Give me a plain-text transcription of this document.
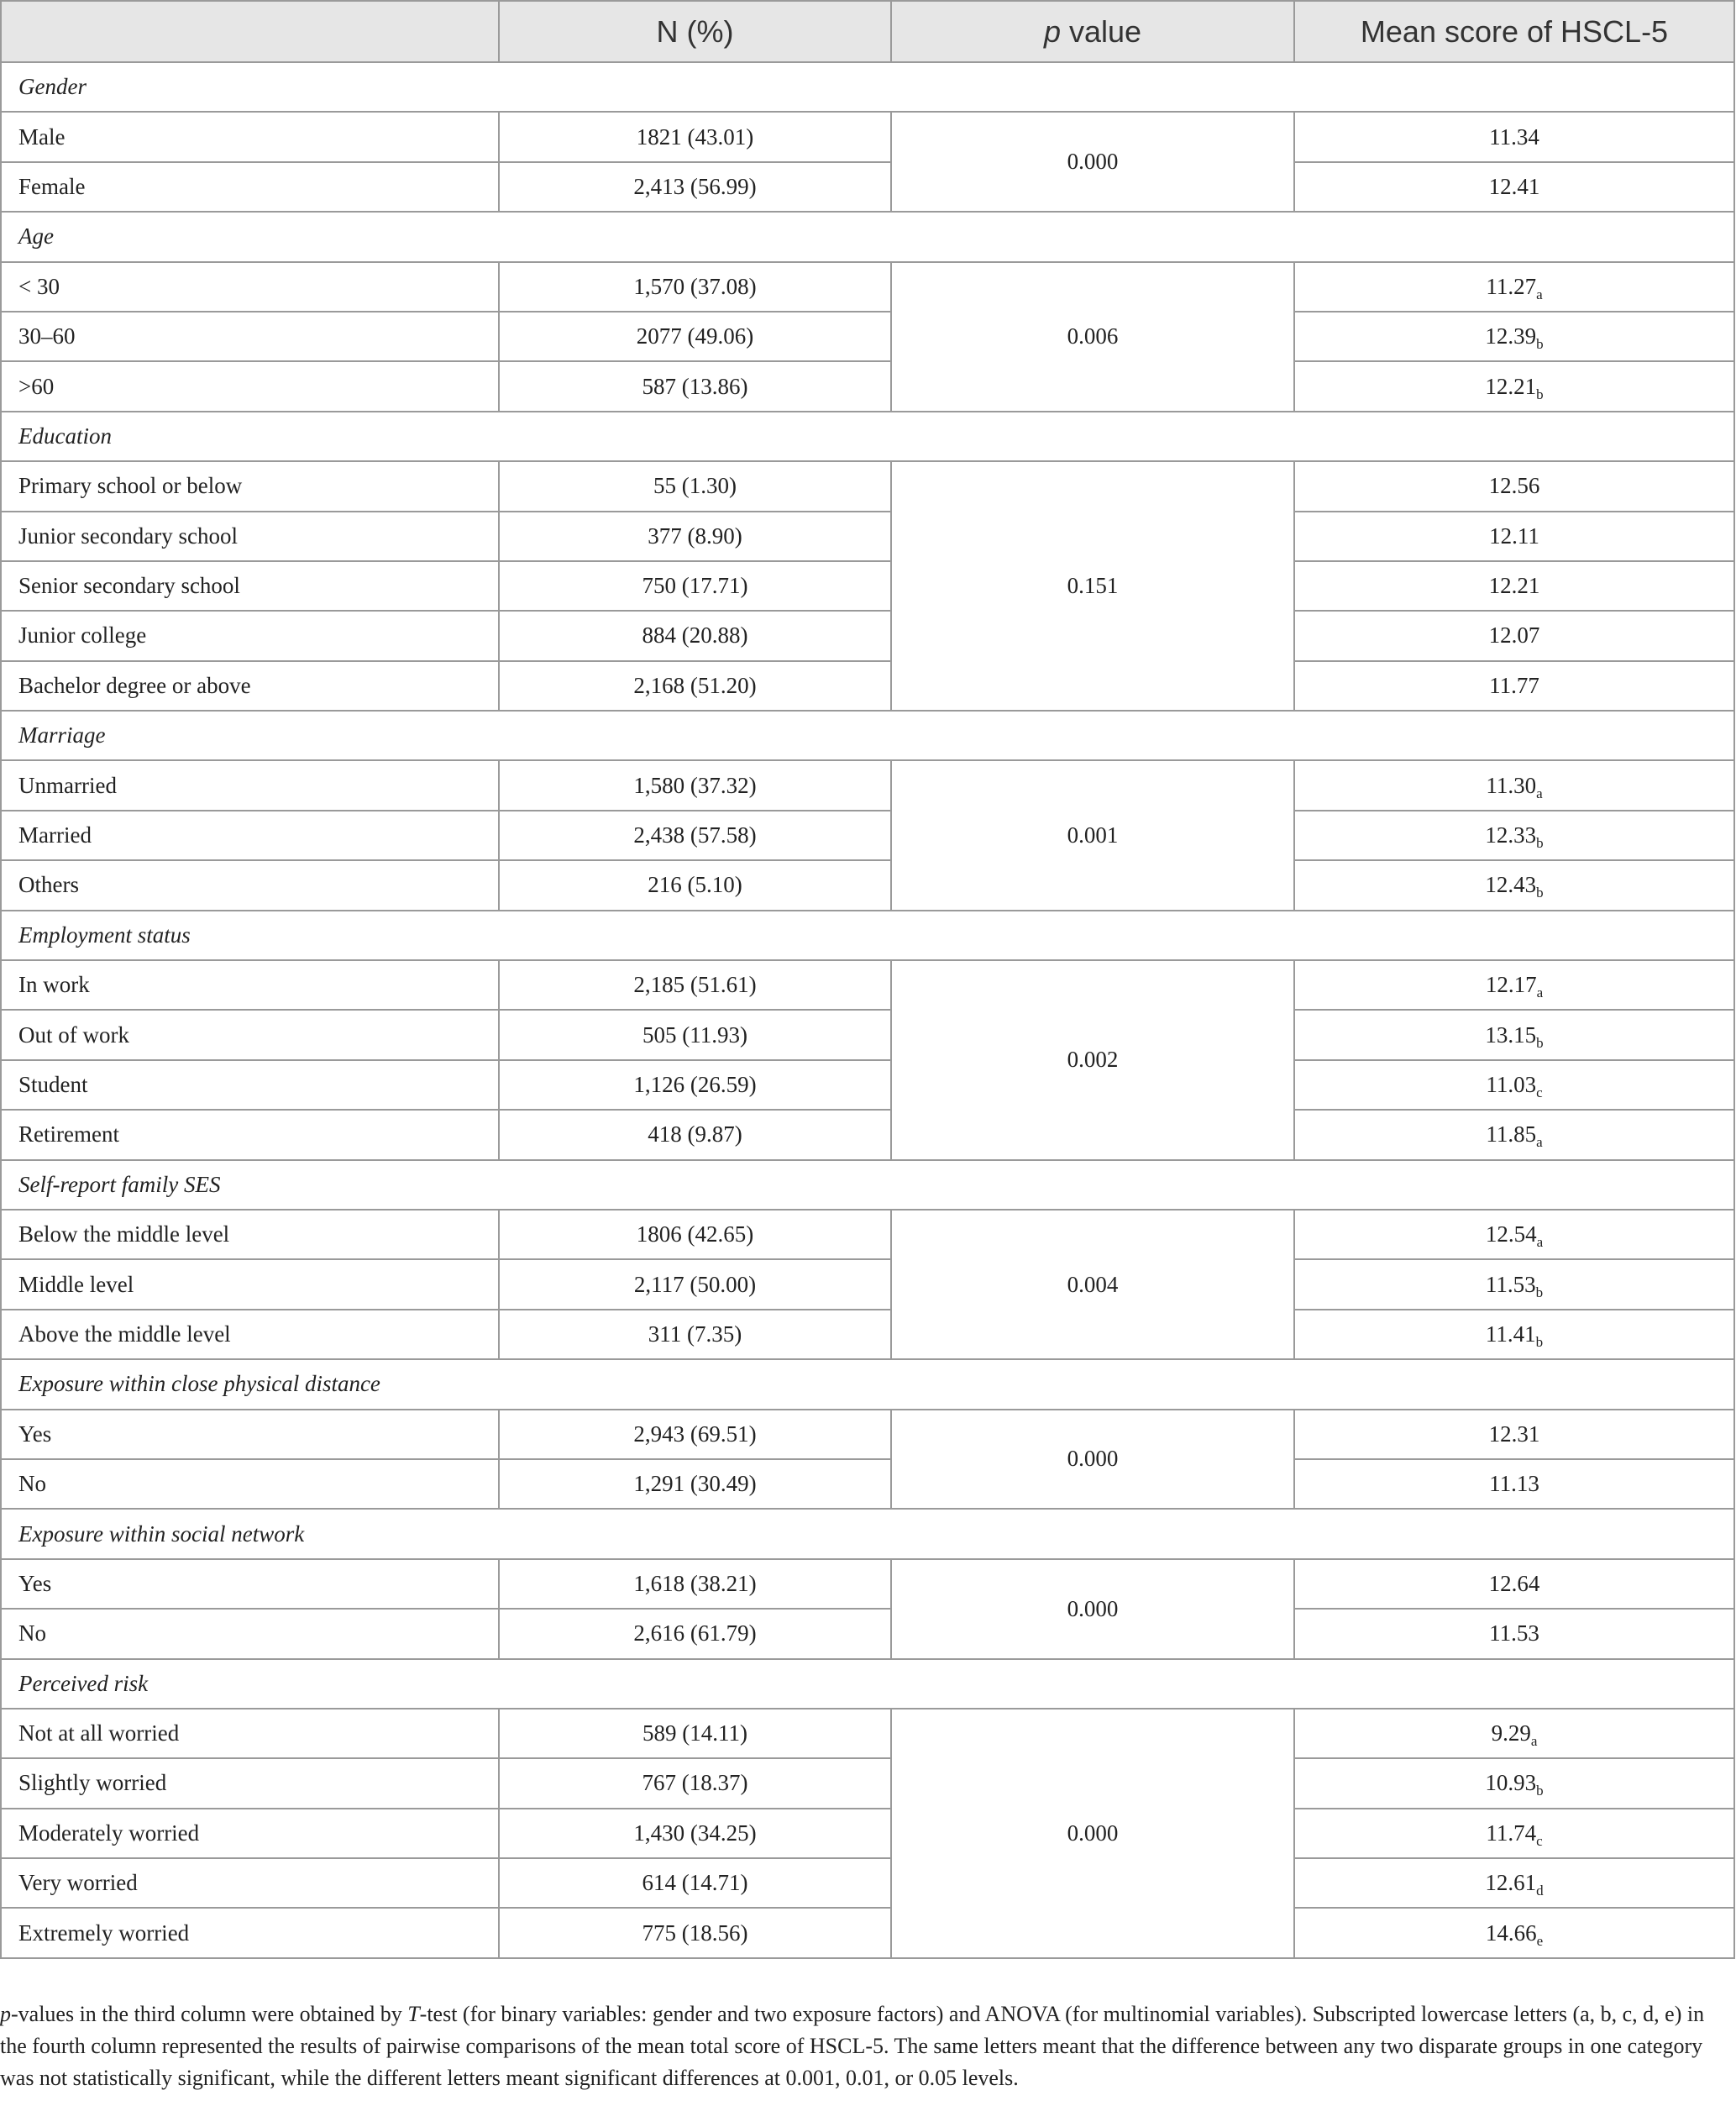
	N (%)	p value	Mean score of HSCL-5
Gender			
Male	1821 (43.01)	0.000	11.34
Female	2,413 (56.99)		12.41
Age			
< 30	1,570 (37.08)	0.006	$11.27_a$
30–60	2077 (49.06)		$12.39_b$
>60	587 (13.86)		$12.21_b$
Education			
Primary school or below	55 (1.30)	0.151	12.56
Junior secondary school	377 (8.90)		12.11
Senior secondary school	750 (17.71)		12.21
Junior college	884 (20.88)		12.07
Bachelor degree or above	2,168 (51.20)		11.77
Marriage			
Unmarried	1,580 (37.32)	0.001	$11.30_a$
Married	2,438 (57.58)		$12.33_b$
Others	216 (5.10)		$12.43_b$
Employment status			
In work	2,185 (51.61)	0.002	$12.17_a$
Out of work	505 (11.93)		$13.15_b$
Student	1,126 (26.59)		$11.03_c$
Retirement	418 (9.87)		$11.85_a$
Self-report family SES			
Below the middle level	1806 (42.65)	0.004	$12.54_a$
Middle level	2,117 (50.00)		$11.53_b$
Above the middle level	311 (7.35)		$11.41_b$
Exposure within close physical distance			
Yes	2,943 (69.51)	0.000	12.31
No	1,291 (30.49)		11.13
Exposure within social network			
Yes	1,618 (38.21)	0.000	12.64
No	2,616 (61.79)		11.53
Perceived risk			
Not at all worried	589 (14.11)	0.000	$9.29_a$
Slightly worried	767 (18.37)		$10.93_b$
Moderately worried	1,430 (34.25)		$11.74_c$
Very worried	614 (14.71)		$12.61_d$
Extremely worried	775 (18.56)		$14.66_e$
p-values in the third column were obtained by T-test (for binary variables: gender and two exposure factors) and ANOVA (for multinomial variables). Subscripted lowercase letters (a, b, c, d, e) in the fourth column represented the results of pairwise comparisons of the mean total score of HSCL-5. The same letters meant that the difference between any two disparate groups in one category was not statistically significant, while the different letters meant significant differences at 0.001, 0.01, or 0.05 levels.
